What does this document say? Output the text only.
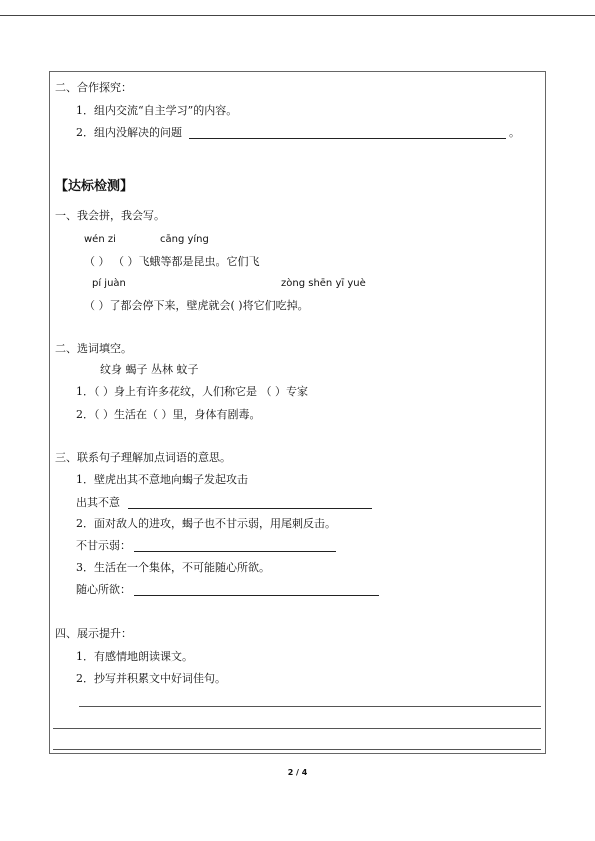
二、合作探究：
1．组内交流“自主学习”的内容。
2．组内没解决的问题	。
【达标检测】
一、我会拼，我会写。
wén zi	cāng yíng
（ ） （ ）飞蛾等都是昆虫。它们飞
pí juàn	zòng shēn yī yuè
（ ）了都会停下来，壁虎就会( )将它们吃掉。
二、选词填空。
纹身 蝎子 丛林 蚊子
1．（ ）身上有许多花纹，人们称它是 （ ）专家
2．（ ）生活在（ ）里，身体有剧毒。
三、联系句子理解加点词语的意思。
1．壁虎出其不意地向蝎子发起攻击
出其不意
2．面对敌人的进攻，蝎子也不甘示弱，用尾刺反击。
不甘示弱：
3．生活在一个集体，不可能随心所欲。
随心所欲：
四、展示提升：
1．有感情地朗读课文。
2．抄写并积累文中好词佳句。
2 / 4
